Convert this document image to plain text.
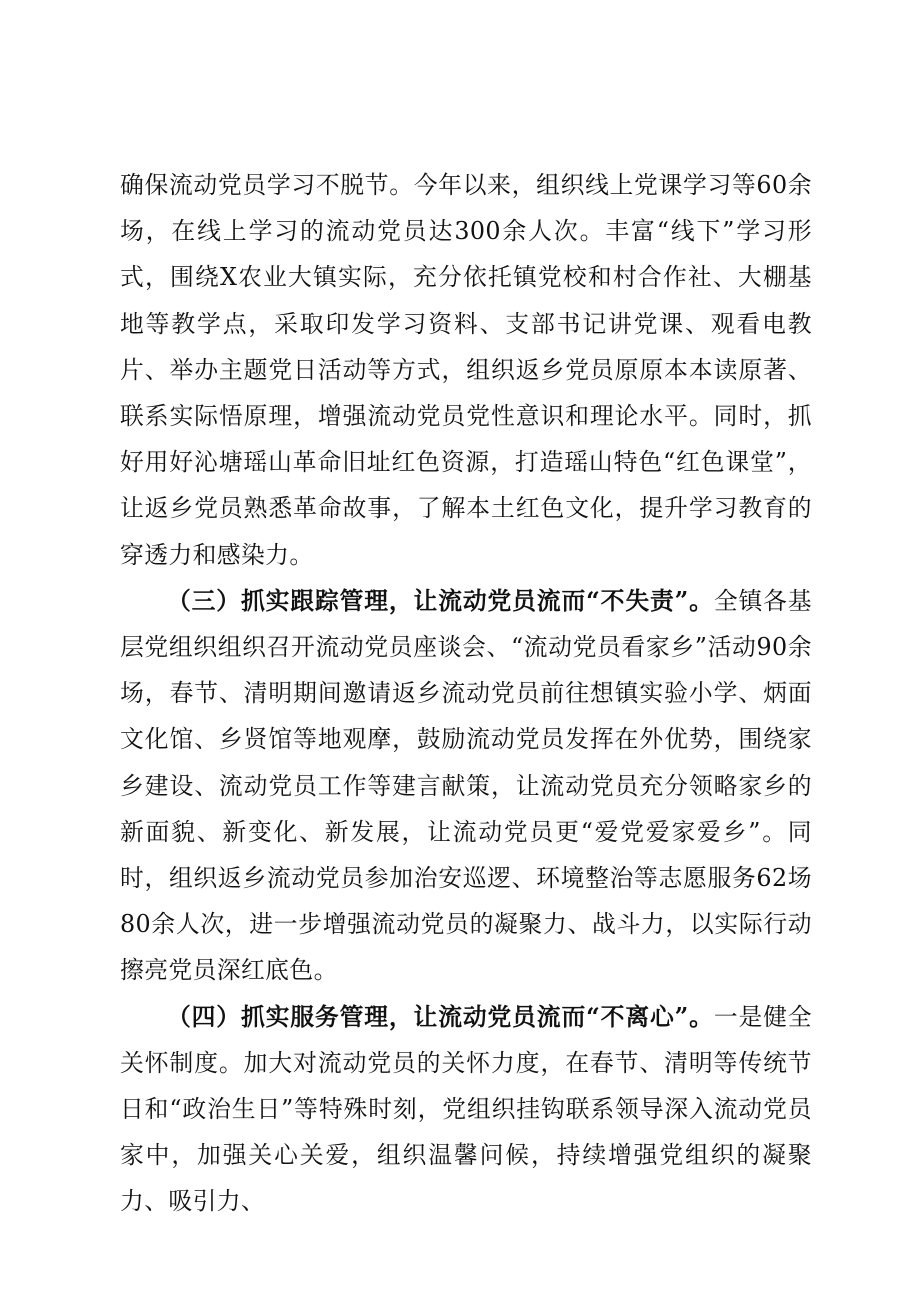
确保流动党员学习不脱节。今年以来，组织线上党课学习等60余场，在线上学习的流动党员达300余人次。丰富“线下”学习形式，围绕X农业大镇实际，充分依托镇党校和村合作社、大棚基地等教学点，采取印发学习资料、支部书记讲党课、观看电教片、举办主题党日活动等方式，组织返乡党员原原本本读原著、联系实际悟原理，增强流动党员党性意识和理论水平。同时，抓好用好沁塘瑶山革命旧址红色资源，打造瑶山特色“红色课堂”，让返乡党员熟悉革命故事，了解本土红色文化，提升学习教育的穿透力和感染力。

（三）抓实跟踪管理，让流动党员流而“不失责”。全镇各基层党组织组织召开流动党员座谈会、“流动党员看家乡”活动90余场，春节、清明期间邀请返乡流动党员前往想镇实验小学、炳面文化馆、乡贤馆等地观摩，鼓励流动党员发挥在外优势，围绕家乡建设、流动党员工作等建言献策，让流动党员充分领略家乡的新面貌、新变化、新发展，让流动党员更“爱党爱家爱乡”。同时，组织返乡流动党员参加治安巡逻、环境整治等志愿服务62场80余人次，进一步增强流动党员的凝聚力、战斗力，以实际行动擦亮党员深红底色。

（四）抓实服务管理，让流动党员流而“不离心”。一是健全关怀制度。加大对流动党员的关怀力度，在春节、清明等传统节日和“政治生日”等特殊时刻，党组织挂钩联系领导深入流动党员家中，加强关心关爱，组织温馨问候，持续增强党组织的凝聚力、吸引力、
